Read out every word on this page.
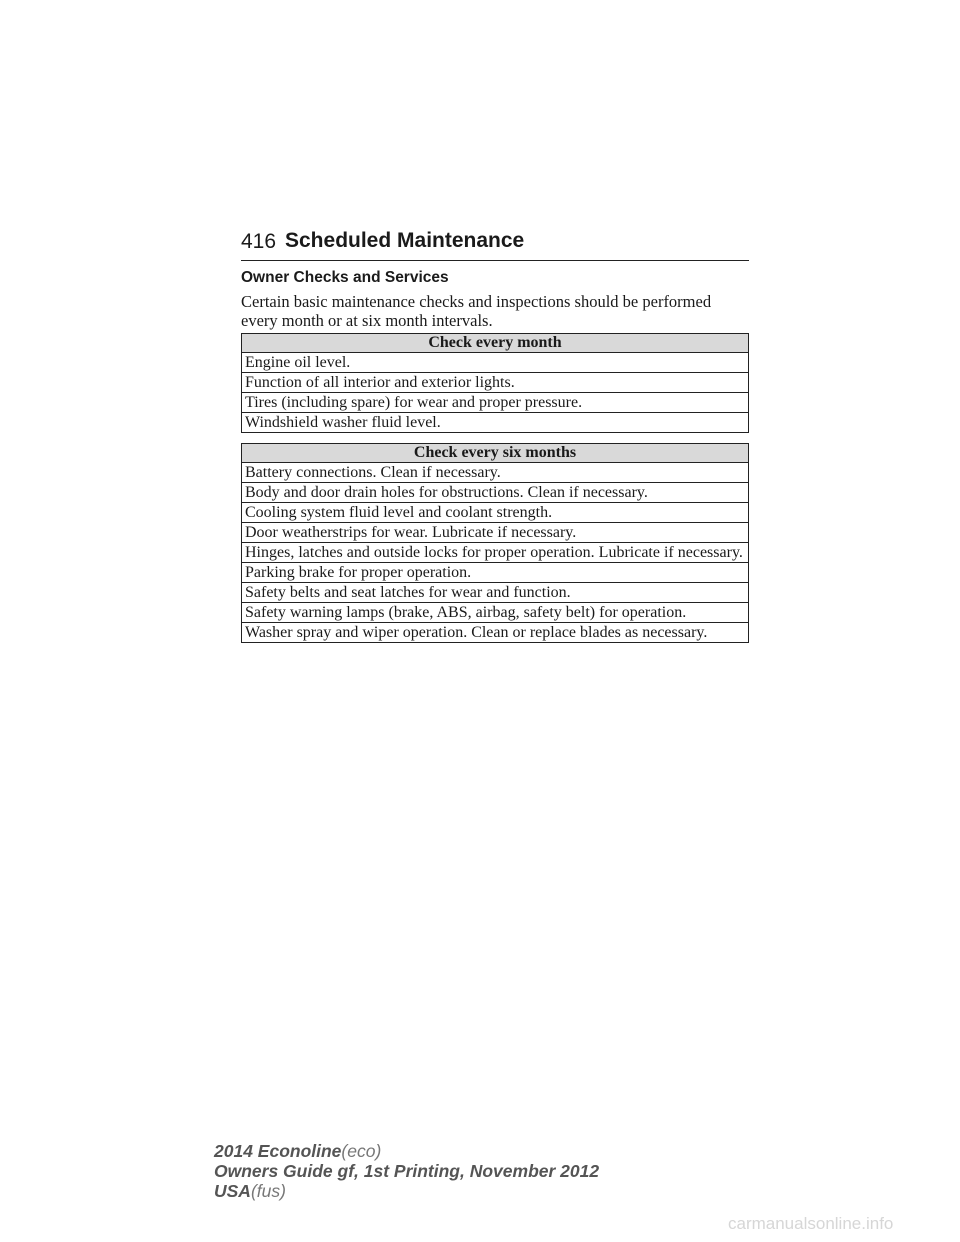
416 Scheduled Maintenance
Owner Checks and Services
Certain basic maintenance checks and inspections should be performed every month or at six month intervals.
Check every month
Engine oil level.
Function of all interior and exterior lights.
Tires (including spare) for wear and proper pressure.
Windshield washer fluid level.
Check every six months
Battery connections. Clean if necessary.
Body and door drain holes for obstructions. Clean if necessary.
Cooling system fluid level and coolant strength.
Door weatherstrips for wear. Lubricate if necessary.
Hinges, latches and outside locks for proper operation. Lubricate if necessary.
Parking brake for proper operation.
Safety belts and seat latches for wear and function.
Safety warning lamps (brake, ABS, airbag, safety belt) for operation.
Washer spray and wiper operation. Clean or replace blades as necessary.
2014 Econoline(eco)
Owners Guide gf, 1st Printing, November 2012
USA(fus)
carmanualsonline.info
